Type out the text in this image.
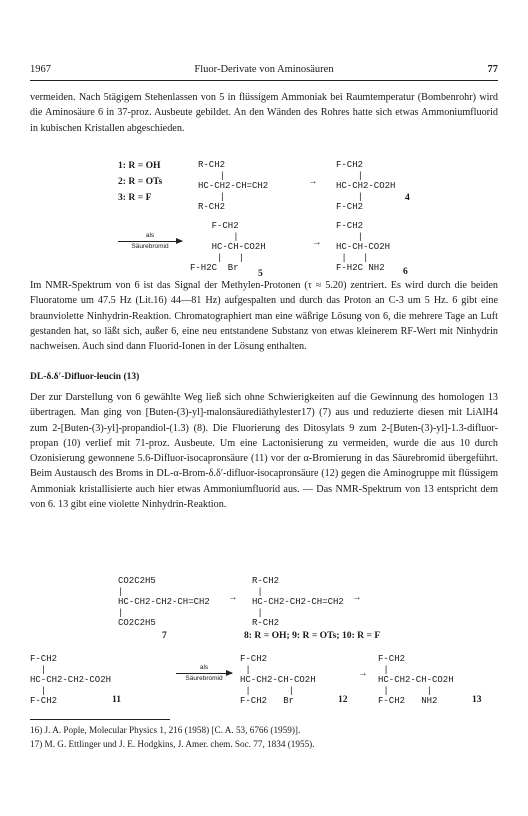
1967	Fluor-Derivate von Aminosäuren	77

vermeiden. Nach 5tägigem Stehenlassen von 5 in flüssigem Ammoniak bei Raumtemperatur (Bombenrohr) wird die Aminosäure 6 in 37-proz. Ausbeute gebildet. An den Wänden des Rohres hatte sich etwas Ammoniumfluorid in kubischen Kristallen abgeschieden.

1: R = OH
2: R = OTs
3: R = F
R-CH2
|
HC-CH2-CH=CH2
|
R-CH2
→
F-CH2
|
HC-CH2-CO2H
|
F-CH2
4
als
Säurebromid
F-CH2
|
HC-CH-CO2H
|   |
F-H2C  Br	5
→
F-CH2
|
HC-CH-CO2H
|   |
F-H2C NH2	6

Im NMR-Spektrum von 6 ist das Signal der Methylen-Protonen (τ ≈ 5.20) zentriert. Es wird durch die beiden Fluoratome um 47.5 Hz (Lit.16) 44—81 Hz) aufgespalten und durch das Proton an C-3 um 5 Hz. 6 gibt eine braunviolette Ninhydrin-Reaktion. Chromatographiert man eine wäßrige Lösung von 6, die mehrere Tage an Luft gestanden hat, so läßt sich, außer 6, eine neu entstandene Substanz von etwas kleinerem RF-Wert mit Ninhydrin nachweisen. Auch sind dann Fluorid-Ionen in der Lösung enthalten.

DL-δ.δ′-Difluor-leucin (13)

Der zur Darstellung von 6 gewählte Weg ließ sich ohne Schwierigkeiten auf die Gewinnung des homologen 13 übertragen. Man ging von [Buten-(3)-yl]-malonsäurediäthylester17) (7) aus und reduzierte diesen mit LiAlH4 zum 2-[Buten-(3)-yl]-propandiol-(1.3) (8). Die Fluorierung des Ditosylats 9 zum 2-[Buten-(3)-yl]-1.3-difluor-propan (10) verlief mit 71-proz. Ausbeute. Um eine Lactonisierung zu vermeiden, wurde die aus 10 durch Ozonisierung gewonnene 5.6-Difluor-isocapronsäure (11) vor der α-Bromierung in das Säurebromid übergeführt. Beim Austausch des Broms in DL-α-Brom-δ.δ′-difluor-isocapronsäure (12) gegen die Aminogruppe mit flüssigem Ammoniak kristallisierte auch hier etwas Ammoniumfluorid aus. — Das NMR-Spektrum von 13 entspricht dem von 6. 13 gibt eine violette Ninhydrin-Reaktion.

CO2C2H5
|
HC-CH2-CH2-CH=CH2
|
CO2C2H5
7
→
R-CH2
|
HC-CH2-CH2-CH=CH2
|
R-CH2
→
8: R = OH; 9: R = OTs; 10: R = F
F-CH2
|
HC-CH2-CH2-CO2H
|
F-CH2	11
als
Säurebromid
F-CH2
|
HC-CH2-CH-CO2H
|       |
F-CH2   Br	12
→
F-CH2
|
HC-CH2-CH-CO2H
|       |
F-CH2   NH2	13
16) J. A. Pople, Molecular Physics 1, 216 (1958) [C. A. 53, 6766 (1959)].
17) M. G. Ettlinger und J. E. Hodgkins, J. Amer. chem. Soc. 77, 1834 (1955).
